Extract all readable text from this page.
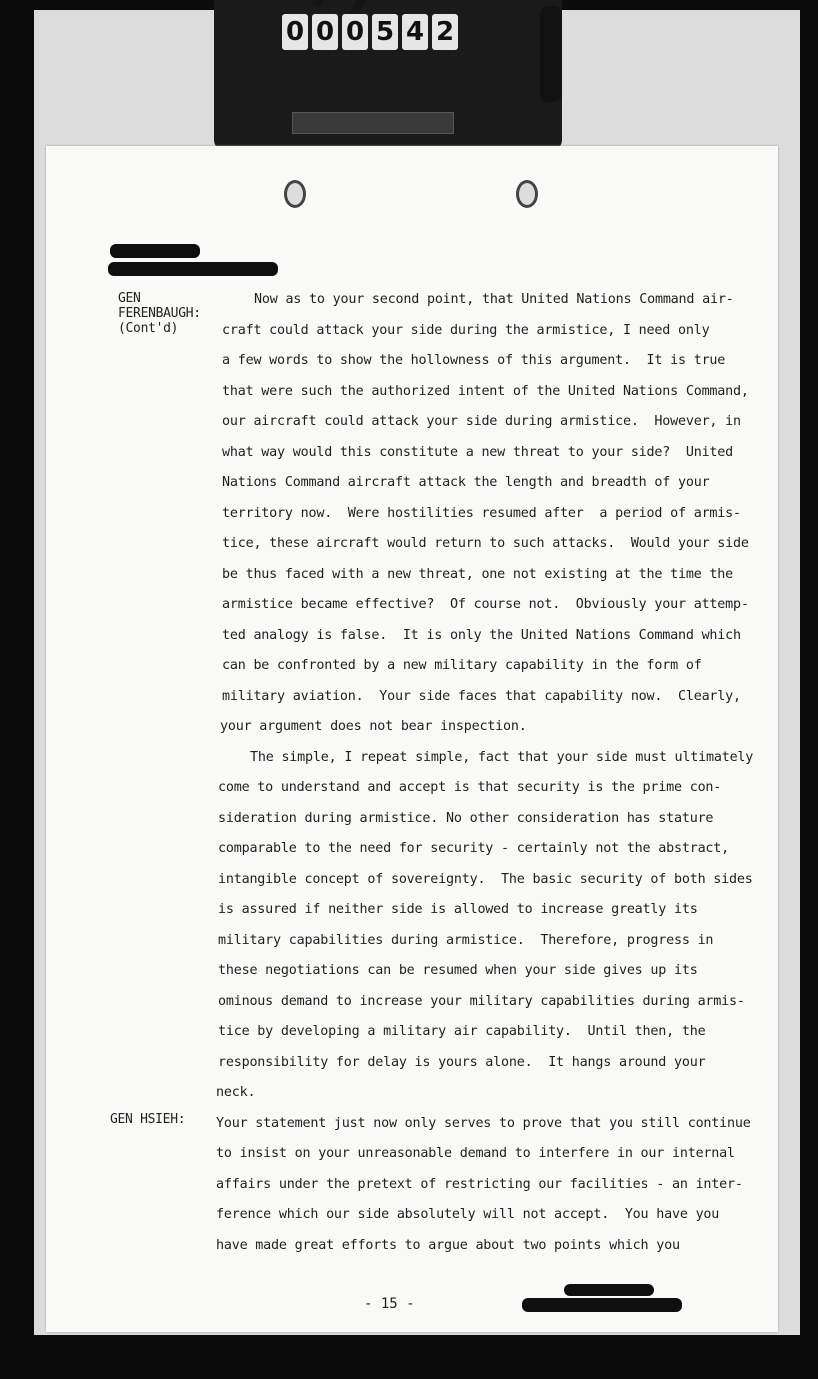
0 0 0 5 4 2
GEN
FERENBAUGH:
(Cont'd)
GEN HSIEH:
Now as to your second point, that United Nations Command air-
craft could attack your side during the armistice, I need only
a few words to show the hollowness of this argument.  It is true
that were such the authorized intent of the United Nations Command,
our aircraft could attack your side during armistice.  However, in
what way would this constitute a new threat to your side?  United
Nations Command aircraft attack the length and breadth of your
territory now.  Were hostilities resumed after  a period of armis-
tice, these aircraft would return to such attacks.  Would your side
be thus faced with a new threat, one not existing at the time the
armistice became effective?  Of course not.  Obviously your attemp-
ted analogy is false.  It is only the United Nations Command which
can be confronted by a new military capability in the form of
military aviation.  Your side faces that capability now.  Clearly,
your argument does not bear inspection.
The simple, I repeat simple, fact that your side must ultimately
come to understand and accept is that security is the prime con-
sideration during armistice. No other consideration has stature
comparable to the need for security - certainly not the abstract,
intangible concept of sovereignty.  The basic security of both sides
is assured if neither side is allowed to increase greatly its
military capabilities during armistice.  Therefore, progress in
these negotiations can be resumed when your side gives up its
ominous demand to increase your military capabilities during armis-
tice by developing a military air capability.  Until then, the
responsibility for delay is yours alone.  It hangs around your
neck.
Your statement just now only serves to prove that you still continue
to insist on your unreasonable demand to interfere in our internal
affairs under the pretext of restricting our facilities - an inter-
ference which our side absolutely will not accept.  You have you
have made great efforts to argue about two points which you
- 15 -
